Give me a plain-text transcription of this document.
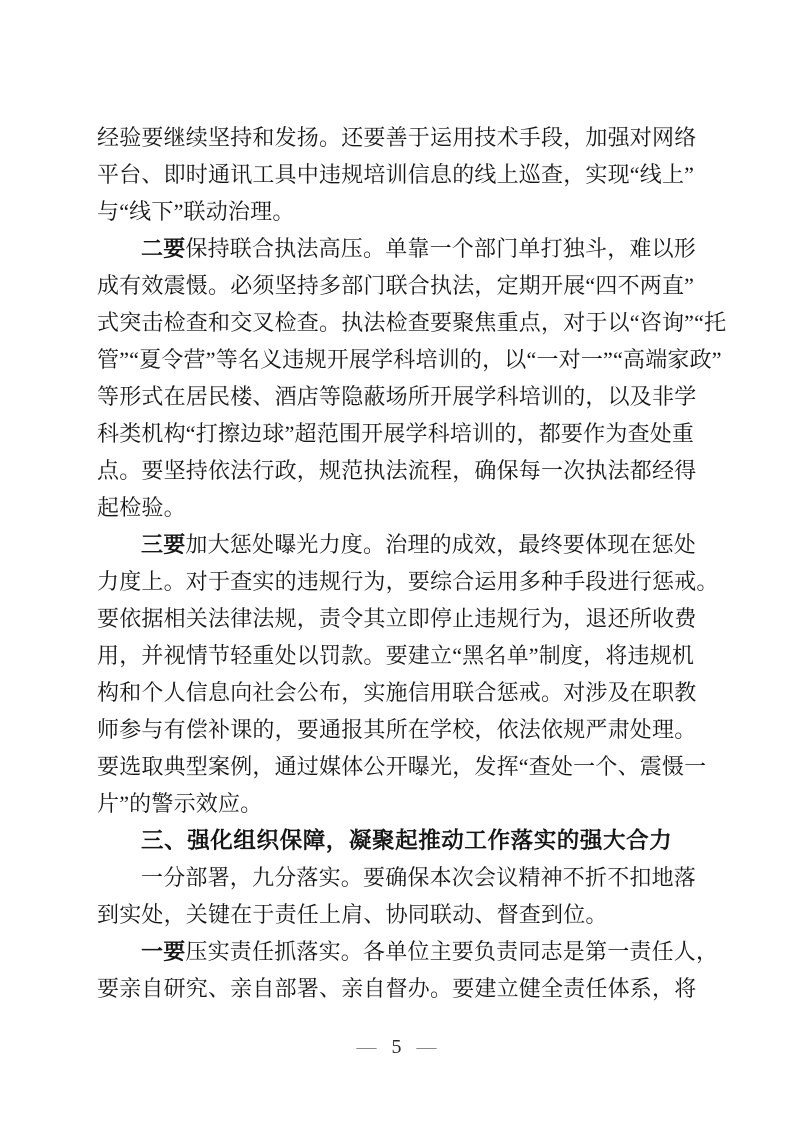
经验要继续坚持和发扬。还要善于运用技术手段，加强对网络
平台、即时通讯工具中违规培训信息的线上巡查，实现“线上”
与“线下”联动治理。
二要保持联合执法高压。单靠一个部门单打独斗，难以形
成有效震慑。必须坚持多部门联合执法，定期开展“四不两直”
式突击检查和交叉检查。执法检查要聚焦重点，对于以“咨询”“托
管”“夏令营”等名义违规开展学科培训的，以“一对一”“高端家政”
等形式在居民楼、酒店等隐蔽场所开展学科培训的，以及非学
科类机构“打擦边球”超范围开展学科培训的，都要作为查处重
点。要坚持依法行政，规范执法流程，确保每一次执法都经得
起检验。
三要加大惩处曝光力度。治理的成效，最终要体现在惩处
力度上。对于查实的违规行为，要综合运用多种手段进行惩戒。
要依据相关法律法规，责令其立即停止违规行为，退还所收费
用，并视情节轻重处以罚款。要建立“黑名单”制度，将违规机
构和个人信息向社会公布，实施信用联合惩戒。对涉及在职教
师参与有偿补课的，要通报其所在学校，依法依规严肃处理。
要选取典型案例，通过媒体公开曝光，发挥“查处一个、震慑一
片”的警示效应。
三、强化组织保障，凝聚起推动工作落实的强大合力
一分部署，九分落实。要确保本次会议精神不折不扣地落
到实处，关键在于责任上肩、协同联动、督查到位。
一要压实责任抓落实。各单位主要负责同志是第一责任人，
要亲自研究、亲自部署、亲自督办。要建立健全责任体系，将
— 5 —
